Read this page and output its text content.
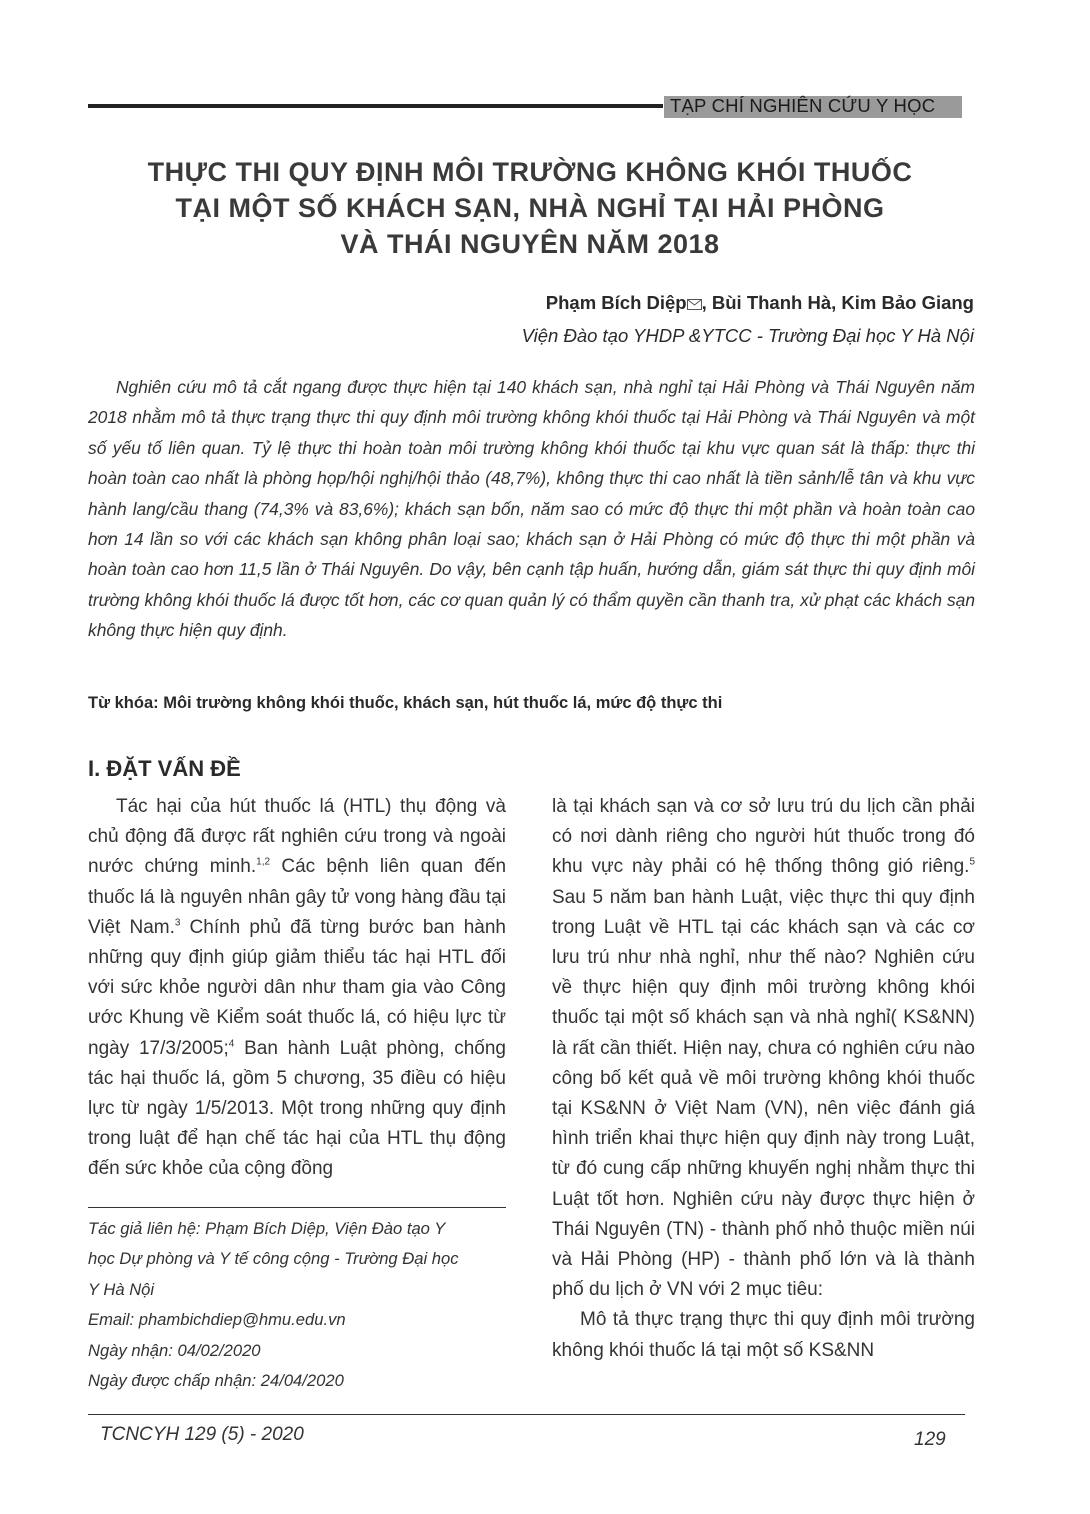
TẠP CHÍ NGHIÊN CỨU Y HỌC
THỰC THI QUY ĐỊNH MÔI TRƯỜNG KHÔNG KHÓI THUỐC
TẠI MỘT SỐ KHÁCH SẠN, NHÀ NGHỈ TẠI HẢI PHÒNG
VÀ THÁI NGUYÊN NĂM 2018
Phạm Bích Diệp , Bùi Thanh Hà, Kim Bảo Giang
Viện Đào tạo YHDP &YTCC - Trường Đại học Y Hà Nội
Nghiên cứu mô tả cắt ngang được thực hiện tại 140 khách sạn, nhà nghỉ tại Hải Phòng và Thái Nguyên năm 2018 nhằm mô tả thực trạng thực thi quy định môi trường không khói thuốc tại Hải Phòng và Thái Nguyên và một số yếu tố liên quan. Tỷ lệ thực thi hoàn toàn môi trường không khói thuốc tại khu vực quan sát là thấp: thực thi hoàn toàn cao nhất là phòng họp/hội nghị/hội thảo (48,7%), không thực thi cao nhất là tiền sảnh/lễ tân và khu vực hành lang/cầu thang (74,3% và 83,6%); khách sạn bốn, năm sao có mức độ thực thi một phần và hoàn toàn cao hơn 14 lần so với các khách sạn không phân loại sao; khách sạn ở Hải Phòng có mức độ thực thi một phần và hoàn toàn cao hơn 11,5 lần ở Thái Nguyên. Do vậy, bên cạnh tập huấn, hướng dẫn, giám sát thực thi quy định môi trường không khói thuốc lá được tốt hơn, các cơ quan quản lý có thẩm quyền cần thanh tra, xử phạt các khách sạn không thực hiện quy định.
Từ khóa: Môi trường không khói thuốc, khách sạn, hút thuốc lá, mức độ thực thi
I. ĐẶT VẤN ĐỀ

Tác hại của hút thuốc lá (HTL) thụ động và chủ động đã được rất nghiên cứu trong và ngoài nước chứng minh.$^{1,2}$ Các bệnh liên quan đến thuốc lá là nguyên nhân gây tử vong hàng đầu tại Việt Nam.$^3$ Chính phủ đã từng bước ban hành những quy định giúp giảm thiểu tác hại HTL đối với sức khỏe người dân như tham gia vào Công ước Khung về Kiểm soát thuốc lá, có hiệu lực từ ngày 17/3/2005;$^4$ Ban hành Luật phòng, chống tác hại thuốc lá, gồm 5 chương, 35 điều có hiệu lực từ ngày 1/5/2013. Một trong những quy định trong luật để hạn chế tác hại của HTL thụ động đến sức khỏe của cộng đồng

là tại khách sạn và cơ sở lưu trú du lịch cần phải có nơi dành riêng cho người hút thuốc trong đó khu vực này phải có hệ thống thông gió riêng.$^5$ Sau 5 năm ban hành Luật, việc thực thi quy định trong Luật về HTL tại các khách sạn và các cơ lưu trú như nhà nghỉ, như thế nào? Nghiên cứu về thực hiện quy định môi trường không khói thuốc tại một số khách sạn và nhà nghỉ( KS&NN) là rất cần thiết. Hiện nay, chưa có nghiên cứu nào công bố kết quả về môi trường không khói thuốc tại KS&NN ở Việt Nam (VN), nên việc đánh giá hình triển khai thực hiện quy định này trong Luật, từ đó cung cấp những khuyến nghị nhằm thực thi Luật tốt hơn. Nghiên cứu này được thực hiện ở Thái Nguyên (TN) - thành phố nhỏ thuộc miền núi và Hải Phòng (HP) - thành phố lớn và là thành phố du lịch ở VN với 2 mục tiêu:

Mô tả thực trạng thực thi quy định môi trường không khói thuốc lá tại một số KS&NN

Tác giả liên hệ: Phạm Bích Diệp, Viện Đào tạo Y
học Dự phòng và Y tế công cộng - Trường Đại học
Y Hà Nội
Email: phambichdiep@hmu.edu.vn
Ngày nhận: 04/02/2020
Ngày được chấp nhận: 24/04/2020
TCNCYH 129 (5) - 2020	129
